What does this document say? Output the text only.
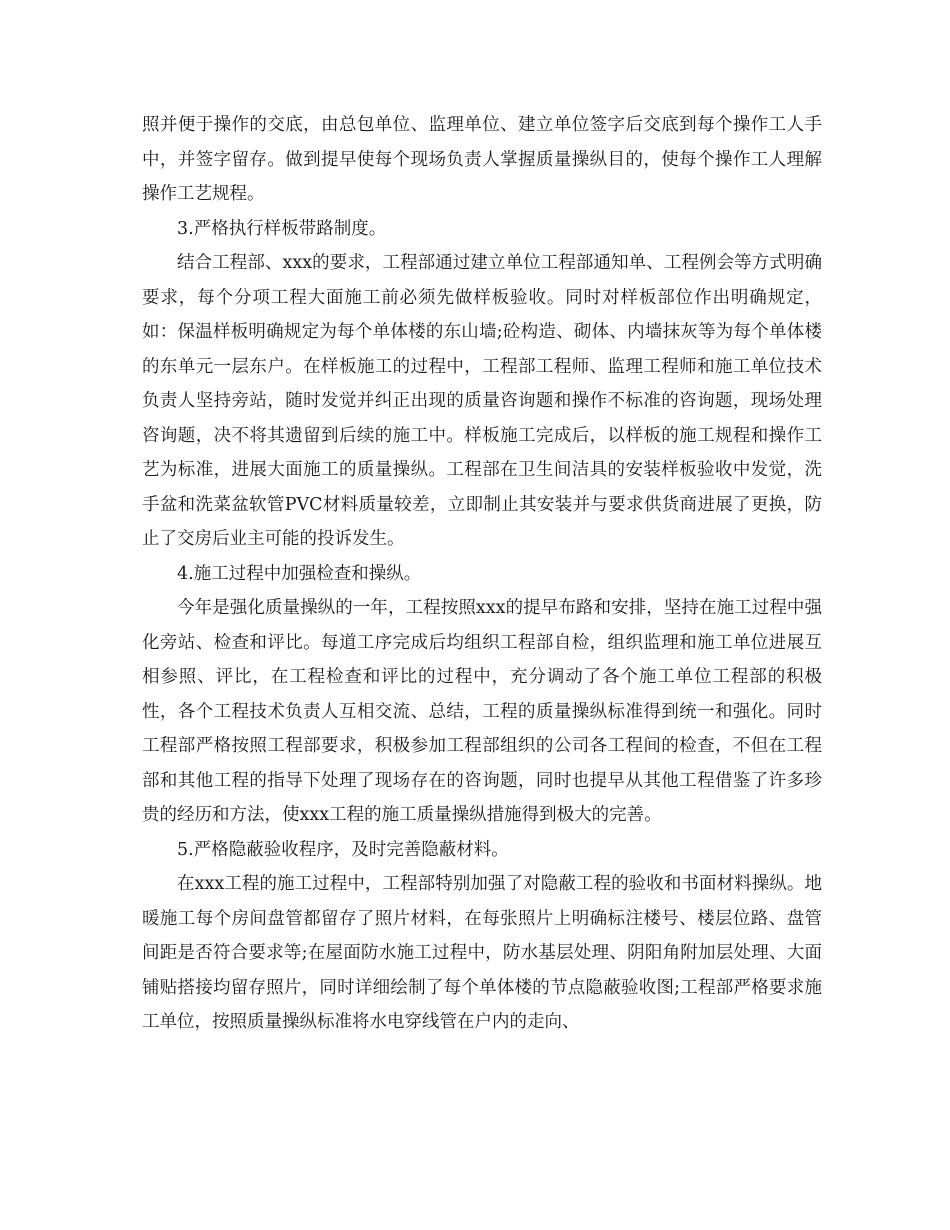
照并便于操作的交底，由总包单位、监理单位、建立单位签字后交底到每个操作工人手中，并签字留存。做到提早使每个现场负责人掌握质量操纵目的，使每个操作工人理解操作工艺规程。

3.严格执行样板带路制度。

结合工程部、xxx的要求，工程部通过建立单位工程部通知单、工程例会等方式明确要求，每个分项工程大面施工前必须先做样板验收。同时对样板部位作出明确规定，如：保温样板明确规定为每个单体楼的东山墙;砼构造、砌体、内墙抹灰等为每个单体楼的东单元一层东户。在样板施工的过程中，工程部工程师、监理工程师和施工单位技术负责人坚持旁站，随时发觉并纠正出现的质量咨询题和操作不标准的咨询题，现场处理咨询题，决不将其遗留到后续的施工中。样板施工完成后，以样板的施工规程和操作工艺为标准，进展大面施工的质量操纵。工程部在卫生间洁具的安装样板验收中发觉，洗手盆和洗菜盆软管PVC材料质量较差，立即制止其安装并与要求供货商进展了更换，防止了交房后业主可能的投诉发生。

4.施工过程中加强检查和操纵。

今年是强化质量操纵的一年，工程按照xxx的提早布路和安排，坚持在施工过程中强化旁站、检查和评比。每道工序完成后均组织工程部自检，组织监理和施工单位进展互相参照、评比，在工程检查和评比的过程中，充分调动了各个施工单位工程部的积极性，各个工程技术负责人互相交流、总结，工程的质量操纵标准得到统一和强化。同时工程部严格按照工程部要求，积极参加工程部组织的公司各工程间的检查，不但在工程部和其他工程的指导下处理了现场存在的咨询题，同时也提早从其他工程借鉴了许多珍贵的经历和方法，使xxx工程的施工质量操纵措施得到极大的完善。

5.严格隐蔽验收程序，及时完善隐蔽材料。

在xxx工程的施工过程中，工程部特别加强了对隐蔽工程的验收和书面材料操纵。地暖施工每个房间盘管都留存了照片材料，在每张照片上明确标注楼号、楼层位路、盘管间距是否符合要求等;在屋面防水施工过程中，防水基层处理、阴阳角附加层处理、大面铺贴搭接均留存照片，同时详细绘制了每个单体楼的节点隐蔽验收图;工程部严格要求施工单位，按照质量操纵标准将水电穿线管在户内的走向、
